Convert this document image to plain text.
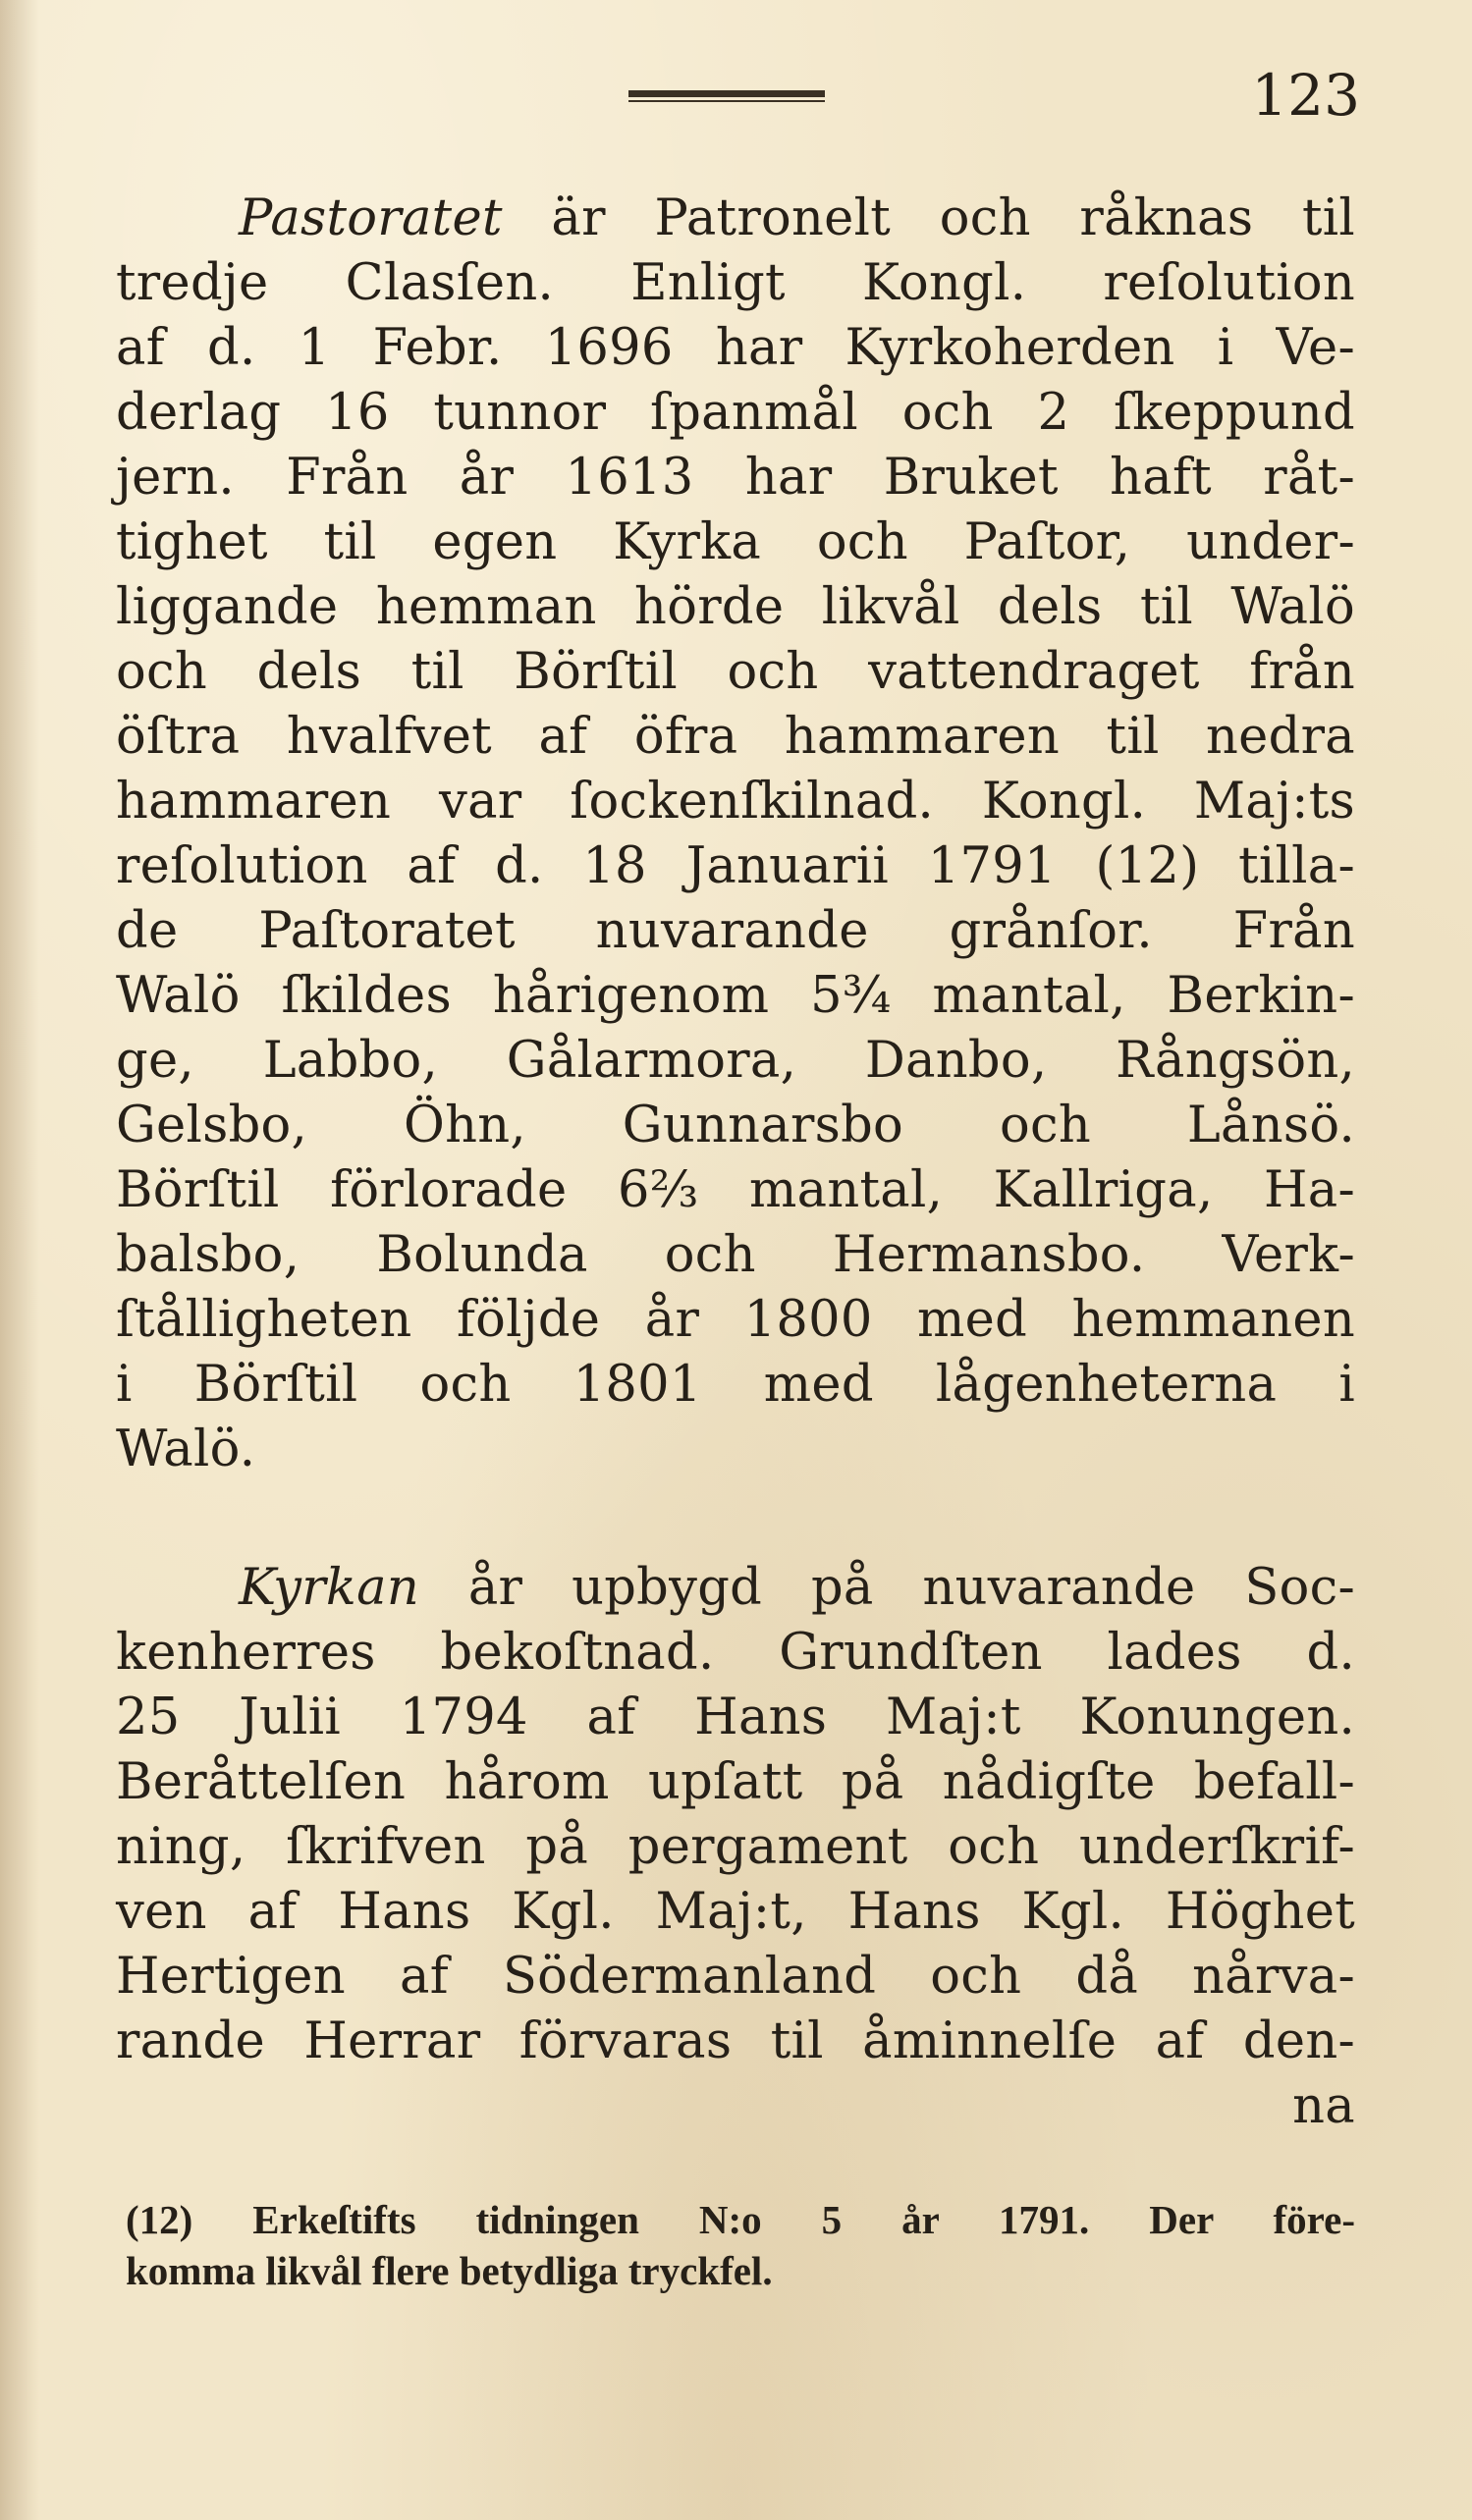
123
Pastoratet är Patronelt och råknas til
tredje Clasſen. Enligt Kongl. reſolution
af d. 1 Febr. 1696 har Kyrkoherden i Ve-
derlag 16 tunnor ſpanmål och 2 ſkeppund
jern. Från år 1613 har Bruket haft råt-
tighet til egen Kyrka och Paſtor, under-
liggande hemman hörde likvål dels til Walö
och dels til Börſtil och vattendraget från
öſtra hvalfvet af öfra hammaren til nedra
hammaren var ſockenſkilnad. Kongl. Maj:ts
reſolution af d. 18 Januarii 1791 (12) tilla-
de Paſtoratet nuvarande grånſor. Från
Walö ſkildes hårigenom 5¾ mantal, Berkin-
ge, Labbo, Gålarmora, Danbo, Rångsön,
Gelsbo, Öhn, Gunnarsbo och Lånsö.
Börſtil förlorade 6⅔ mantal, Kallriga, Ha-
balsbo, Bolunda och Hermansbo. Verk-
ſtålligheten följde år 1800 med hemmanen
i Börſtil och 1801 med lågenheterna i
Walö.
Kyrkan år upbygd på nuvarande Soc-
kenherres bekoſtnad. Grundſten lades d.
25 Julii 1794 af Hans Maj:t Konungen.
Beråttelſen hårom upſatt på nådigſte befall-
ning, ſkrifven på pergament och underſkrif-
ven af Hans Kgl. Maj:t, Hans Kgl. Höghet
Hertigen af Södermanland och då nårva-
rande Herrar förvaras til åminnelſe af den-
na
(12) Erkeſtifts tidningen N:o 5 år 1791. Der före-
komma likvål flere betydliga tryckfel.
